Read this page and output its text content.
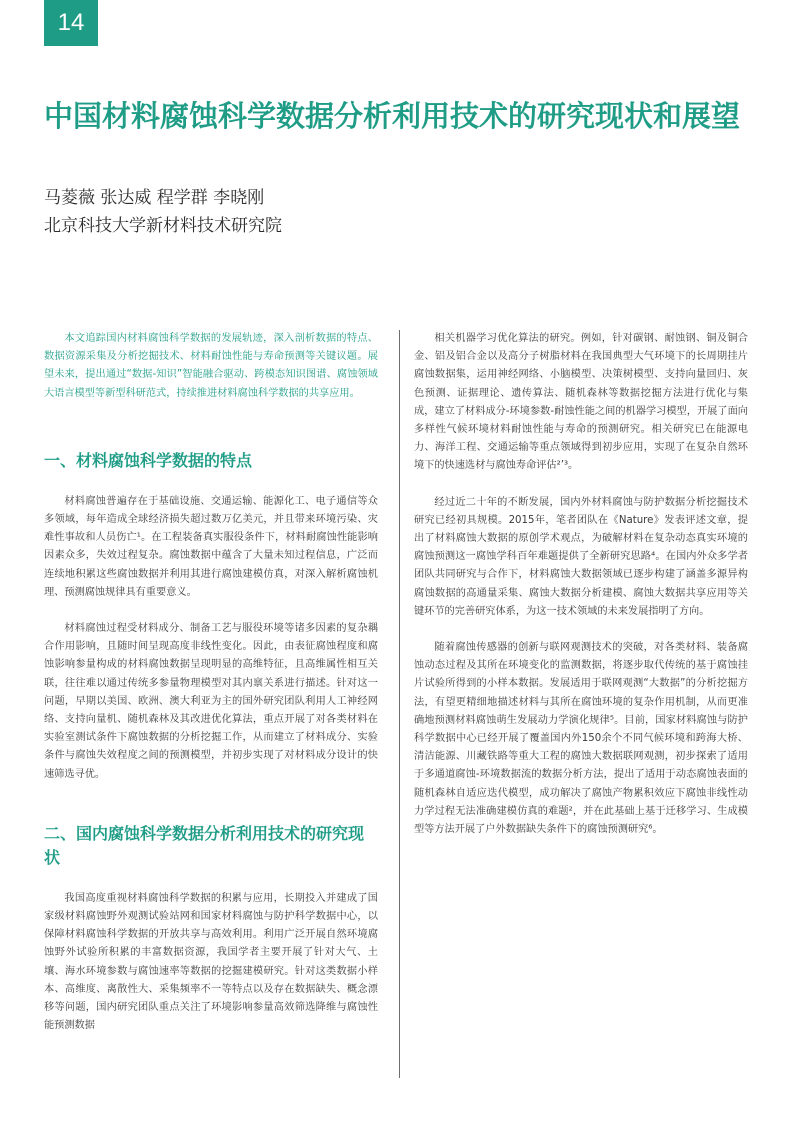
14
中国材料腐蚀科学数据分析利用技术的研究现状和展望

马菱薇 张达威 程学群 李晓刚

北京科技大学新材料技术研究院

本文追踪国内材料腐蚀科学数据的发展轨迹，深入剖析数据的特点、数据资源采集及分析挖掘技术、材料耐蚀性能与寿命预测等关键议题。展望未来，提出通过“数据-知识”智能融合驱动、跨模态知识图谱、腐蚀领域大语言模型等新型科研范式，持续推进材料腐蚀科学数据的共享应用。

一、材料腐蚀科学数据的特点

材料腐蚀普遍存在于基础设施、交通运输、能源化工、电子通信等众多领域，每年造成全球经济损失超过数万亿美元，并且带来环境污染、灾难性事故和人员伤亡¹。在工程装备真实服役条件下，材料耐腐蚀性能影响因素众多，失效过程复杂。腐蚀数据中蕴含了大量未知过程信息，广泛而连续地积累这些腐蚀数据并利用其进行腐蚀建模仿真，对深入解析腐蚀机理、预测腐蚀规律具有重要意义。

材料腐蚀过程受材料成分、制备工艺与服役环境等诸多因素的复杂耦合作用影响，且随时间呈现高度非线性变化。因此，由表征腐蚀程度和腐蚀影响参量构成的材料腐蚀数据呈现明显的高维特征，且高维属性相互关联，往往难以通过传统多参量物理模型对其内禀关系进行描述。针对这一问题，早期以美国、欧洲、澳大利亚为主的国外研究团队利用人工神经网络、支持向量机、随机森林及其改进优化算法，重点开展了对各类材料在实验室测试条件下腐蚀数据的分析挖掘工作，从而建立了材料成分、实验条件与腐蚀失效程度之间的预测模型，并初步实现了对材料成分设计的快速筛选寻优。

二、国内腐蚀科学数据分析利用技术的研究现状

我国高度重视材料腐蚀科学数据的积累与应用，长期投入并建成了国家级材料腐蚀野外观测试验站网和国家材料腐蚀与防护科学数据中心，以保障材料腐蚀科学数据的开放共享与高效利用。利用广泛开展自然环境腐蚀野外试验所积累的丰富数据资源，我国学者主要开展了针对大气、土壤、海水环境参数与腐蚀速率等数据的挖掘建模研究。针对这类数据小样本、高维度、离散性大、采集频率不一等特点以及存在数据缺失、概念漂移等问题，国内研究团队重点关注了环境影响参量高效筛选降维与腐蚀性能预测数据

相关机器学习优化算法的研究。例如，针对碳钢、耐蚀钢、铜及铜合金、铝及铝合金以及高分子树脂材料在我国典型大气环境下的长周期挂片腐蚀数据集，运用神经网络、小脑模型、决策树模型、支持向量回归、灰色预测、证据理论、遗传算法、随机森林等数据挖掘方法进行优化与集成，建立了材料成分-环境参数-耐蚀性能之间的机器学习模型，开展了面向多样性气候环境材料耐蚀性能与寿命的预测研究。相关研究已在能源电力、海洋工程、交通运输等重点领域得到初步应用，实现了在复杂自然环境下的快速选材与腐蚀寿命评估²ʼ³。

经过近二十年的不断发展，国内外材料腐蚀与防护数据分析挖掘技术研究已经初具规模。2015年，笔者团队在《Nature》发表评述文章，提出了材料腐蚀大数据的原创学术观点，为破解材料在复杂动态真实环境的腐蚀预测这一腐蚀学科百年难题提供了全新研究思路⁴。在国内外众多学者团队共同研究与合作下，材料腐蚀大数据领域已逐步构建了涵盖多源异构腐蚀数据的高通量采集、腐蚀大数据分析建模、腐蚀大数据共享应用等关键环节的完善研究体系，为这一技术领域的未来发展指明了方向。

随着腐蚀传感器的创新与联网观测技术的突破，对各类材料、装备腐蚀动态过程及其所在环境变化的监测数据，将逐步取代传统的基于腐蚀挂片试验所得到的小样本数据。发展适用于联网观测“大数据”的分析挖掘方法，有望更精细地描述材料与其所在腐蚀环境的复杂作用机制，从而更准确地预测材料腐蚀萌生发展动力学演化规律⁵。目前，国家材料腐蚀与防护科学数据中心已经开展了覆盖国内外150余个不同气候环境和跨海大桥、清洁能源、川藏铁路等重大工程的腐蚀大数据联网观测，初步探索了适用于多通道腐蚀-环境数据流的数据分析方法，提出了适用于动态腐蚀表面的随机森林自适应迭代模型，成功解决了腐蚀产物累积效应下腐蚀非线性动力学过程无法准确建模仿真的难题²，并在此基础上基于迁移学习、生成模型等方法开展了户外数据缺失条件下的腐蚀预测研究⁶。
